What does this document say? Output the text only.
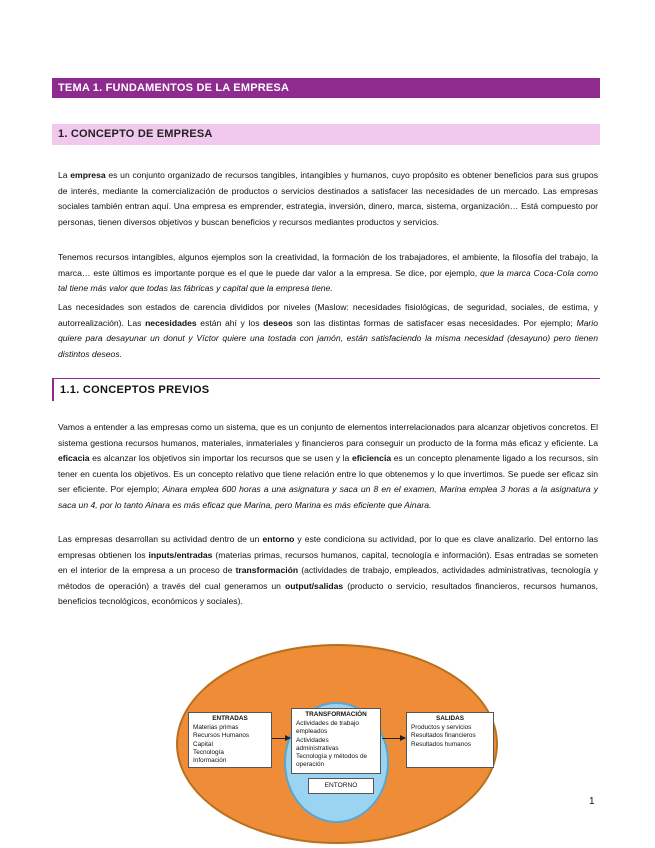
TEMA 1. FUNDAMENTOS DE LA EMPRESA
1. CONCEPTO DE EMPRESA

La empresa es un conjunto organizado de recursos tangibles, intangibles y humanos, cuyo propósito es obtener beneficios para sus grupos de interés, mediante la comercialización de productos o servicios destinados a satisfacer las necesidades de un mercado. Las empresas sociales también entran aquí. Una empresa es emprender, estrategia, inversión, dinero, marca, sistema, organización… Está compuesto por personas, tienen diversos objetivos y buscan beneficios y recursos mediantes productos y servicios.

Tenemos recursos intangibles, algunos ejemplos son la creatividad, la formación de los trabajadores, el ambiente, la filosofía del trabajo, la marca… este últimos es importante porque es el que le puede dar valor a la empresa. Se dice, por ejemplo, que la marca Coca-Cola como tal tiene más valor que todas las fábricas y capital que la empresa tiene.

Las necesidades son estados de carencia divididos por niveles (Maslow: necesidades fisiológicas, de seguridad, sociales, de estima, y autorrealización). Las necesidades están ahí y los deseos son las distintas formas de satisfacer esas necesidades. Por ejemplo; Mario quiere para desayunar un donut y Víctor quiere una tostada con jamón, están satisfaciendo la misma necesidad (desayuno) pero tienen distintos deseos.

1.1. CONCEPTOS PREVIOS

Vamos a entender a las empresas como un sistema, que es un conjunto de elementos interrelacionados para alcanzar objetivos concretos. El sistema gestiona recursos humanos, materiales, inmateriales y financieros para conseguir un producto de la forma más eficaz y eficiente. La eficacia es alcanzar los objetivos sin importar los recursos que se usen y la eficiencia es un concepto plenamente ligado a los recursos, sin tener en cuenta los objetivos. Es un concepto relativo que tiene relación entre lo que obtenemos y lo que invertimos. Se puede ser eficaz sin ser eficiente. Por ejemplo; Ainara emplea 600 horas a una asignatura y saca un 8 en el examen, Marina emplea 3 horas a la asignatura y saca un 4, por lo tanto Ainara es más eficaz que Marina, pero Marina es más eficiente que Ainara.

Las empresas desarrollan su actividad dentro de un entorno y este condiciona su actividad, por lo que es clave analizarlo. Del entorno las empresas obtienen los inputs/entradas (materias primas, recursos humanos, capital, tecnología e información). Esas entradas se someten en el interior de la empresa a un proceso de transformación (actividades de trabajo, empleados, actividades administrativas, tecnología y métodos de operación) a través del cual generamos un output/salidas (producto o servicio, resultados financieros, recursos humanos, beneficios tecnológicos, económicos y sociales).

ENTRADAS
Materias primas
Recursos Humanos
Capital
Tecnología
Información
TRANSFORMACIÓN
Actividades de trabajo
empleados
Actividades
administrativas
Tecnología y métodos de
operación
SALIDAS
Productos y servicios
Resultados financieros
Resultados humanos
ENTORNO
1
